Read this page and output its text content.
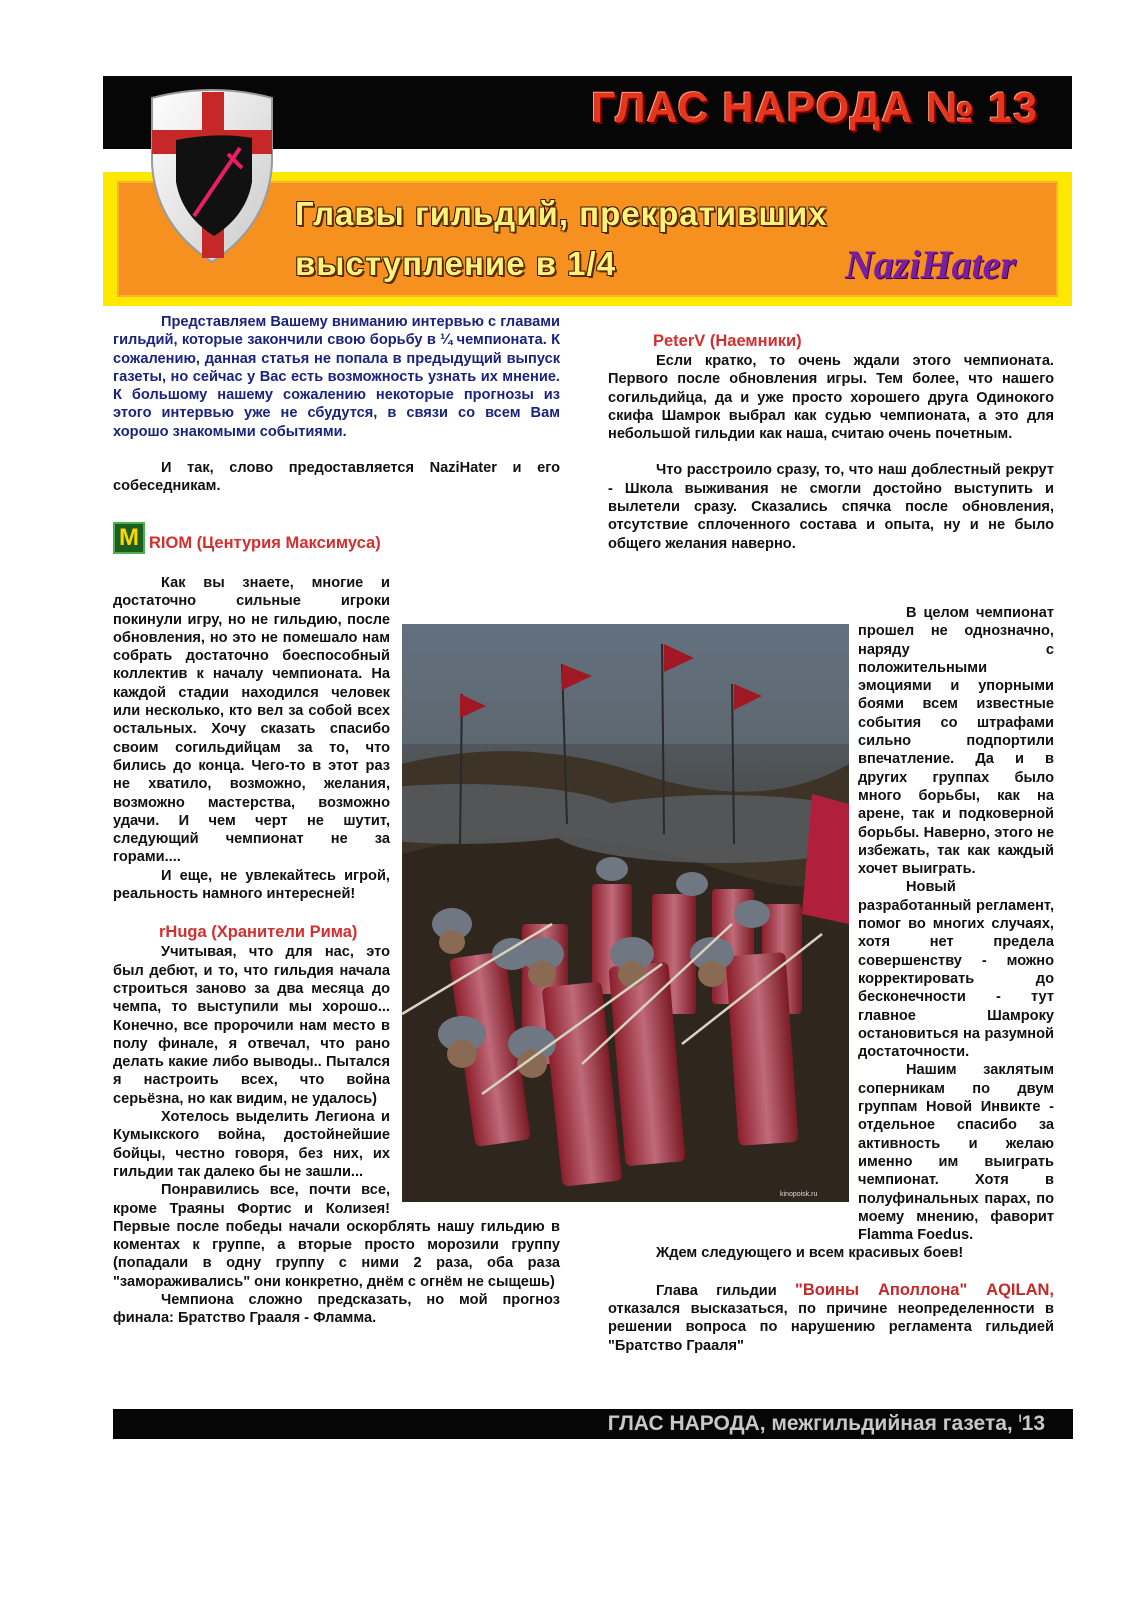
ГЛАС НАРОДА № 13
Главы гильдий, прекративших
выступление в 1/4	NaziHater
kinopoisk.ru

Представляем Вашему вниманию интервью с главами гильдий, которые закончили свою борьбу в ¼ чемпионата. К сожалению, данная статья не попала в предыдущий выпуск газеты, но сейчас у Вас есть возможность узнать их мнение. К большому нашему сожалению некоторые прогнозы из этого интервью уже не сбудутся, в связи со всем Вам хорошо знакомыми событиями.

И так, слово предоставляется NaziHater и его собеседникам.

M RIOM (Центурия Максимуса)

Как вы знаете, многие и достаточно сильные игроки покинули игру, но не гильдию, после обновления, но это не помешало нам собрать достаточно боеспособный коллектив к началу чемпионата. На каждой стадии находился человек или несколько, кто вел за собой всех остальных. Хочу сказать спасибо своим согильдийцам за то, что бились до конца. Чего-то в этот раз не хватило, возможно, желания, возможно мастерства, возможно удачи. И чем черт не шутит, следующий чемпионат не за горами....

И еще, не увлекайтесь игрой, реальность намного интересней!

rHuga (Хранители Рима)

Учитывая, что для нас, это был дебют, и то, что гильдия начала строиться заново за два месяца до чемпа, то выступили мы хорошо... Конечно, все пророчили нам место в полу финале, я отвечал, что рано делать какие либо выводы.. Пытался я настроить всех, что война серьёзна, но как видим, не удалось)

Хотелось выделить Легиона и Кумыкского война, достойнейшие бойцы, честно говоря, без них, их гильдии так далеко бы не зашли...

Понравились все, почти все, кроме Траяны Фортис и Колизея! Первые после победы начали оскорблять нашу гильдию в коментах к группе, а вторые просто морозили группу (попадали в одну группу с ними 2 раза, оба раза "замораживались" они конкретно, днём с огнём не сыщешь)

Чемпиона сложно предсказать, но мой прогноз финала: Братство Грааля - Фламма.

PeterV (Наемники)

Если кратко, то очень ждали этого чемпионата. Первого после обновления игры. Тем более, что нашего согильдийца, да и уже просто хорошего друга Одинокого скифа Шамрок выбрал как судью чемпионата, а это для небольшой гильдии как наша, считаю очень почетным.

Что расстроило сразу, то, что наш доблестный рекрут - Школа выживания не смогли достойно выступить и вылетели сразу. Сказались спячка после обновления, отсутствие сплоченного состава и опыта, ну и не было общего желания наверно.

В целом чемпионат прошел не однозначно, наряду с положительными эмоциями и упорными боями всем известные события со штрафами сильно подпортили впечатление. Да и в других группах было много борьбы, как на арене, так и подковерной борьбы. Наверно, этого не избежать, так как каждый хочет выиграть.

Новый разработанный регламент, помог во многих случаях, хотя нет предела совершенству - можно корректировать до бесконечности - тут главное Шамроку остановиться на разумной достаточности.

Нашим заклятым соперникам по двум группам Новой Инвикте - отдельное спасибо за активность и желаю именно им выиграть чемпионат. Хотя в полуфинальных парах, по моему мнению, фаворит Flamma Foedus.

Ждем следующего и всем красивых боев!

Глава гильдии "Воины Аполлона" AQILAN, отказался высказаться, по причине неопределенности в решении вопроса по нарушению регламента гильдией "Братство Грааля"

ГЛАС НАРОДА, межгильдийная газета, $^I$13
